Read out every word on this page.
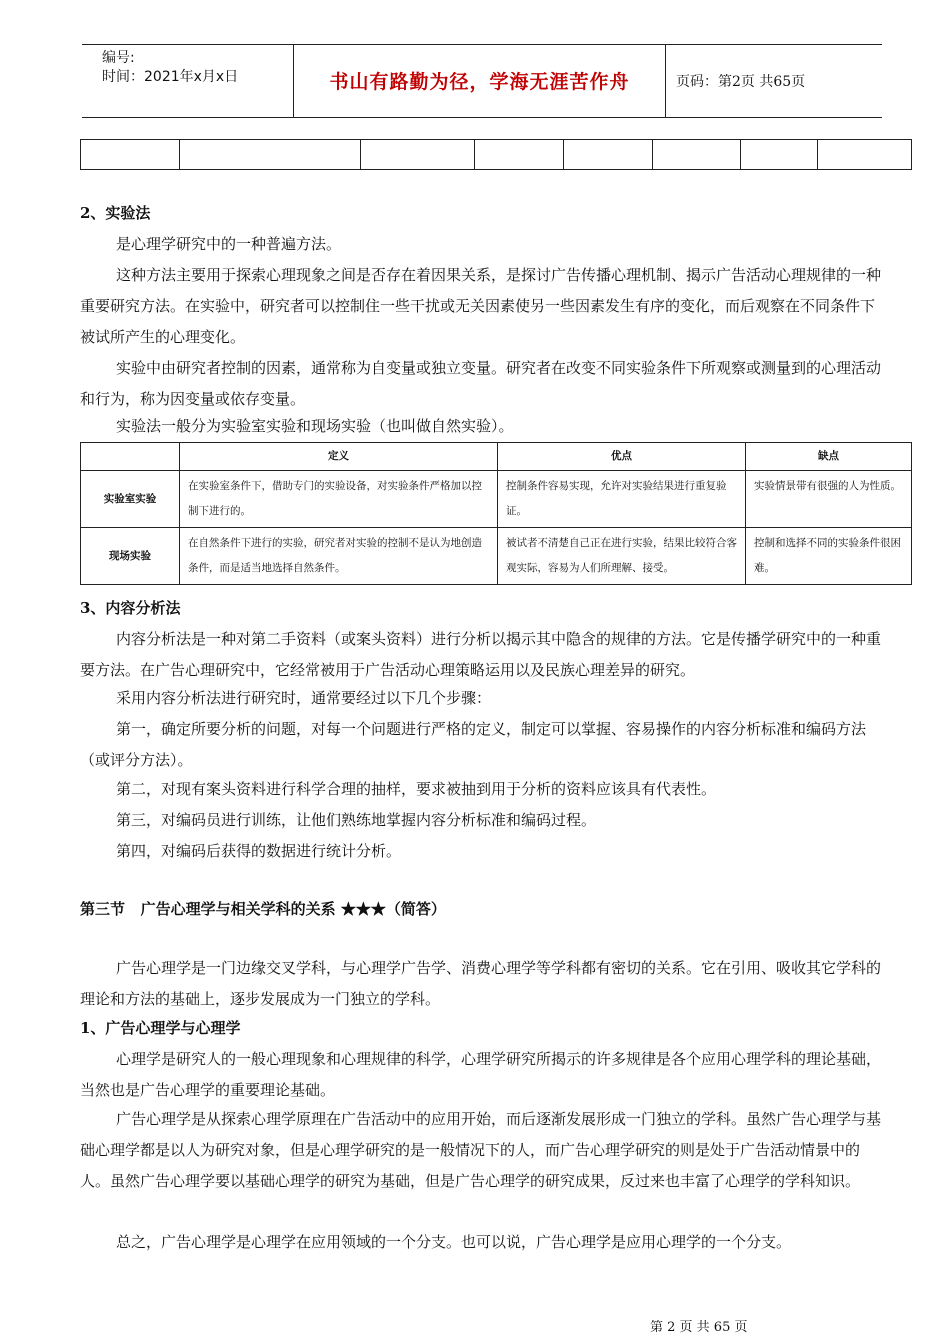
编号:
时间：2021年x月x日	书山有路勤为径，学海无涯苦作舟	页码：第2页 共65页

2、实验法

是心理学研究中的一种普遍方法。

这种方法主要用于探索心理现象之间是否存在着因果关系，是探讨广告传播心理机制、揭示广告活动心理规律的一种重要研究方法。在实验中，研究者可以控制住一些干扰或无关因素使另一些因素发生有序的变化，而后观察在不同条件下被试所产生的心理变化。

实验中由研究者控制的因素，通常称为自变量或独立变量。研究者在改变不同实验条件下所观察或测量到的心理活动和行为，称为因变量或依存变量。

实验法一般分为实验室实验和现场实验（也叫做自然实验）。

	定义	优点	缺点
实验室实验	在实验室条件下，借助专门的实验设备，对实验条件严格加以控制下进行的。	控制条件容易实现，允许对实验结果进行重复验证。	实验情景带有很强的人为性质。
现场实验	在自然条件下进行的实验，研究者对实验的控制不是认为地创造条件，而是适当地选择自然条件。	被试者不清楚自己正在进行实验，结果比较符合客观实际，容易为人们所理解、接受。	控制和选择不同的实验条件很困难。

3、内容分析法

内容分析法是一种对第二手资料（或案头资料）进行分析以揭示其中隐含的规律的方法。它是传播学研究中的一种重要方法。在广告心理研究中，它经常被用于广告活动心理策略运用以及民族心理差异的研究。

采用内容分析法进行研究时，通常要经过以下几个步骤：

第一，确定所要分析的问题，对每一个问题进行严格的定义，制定可以掌握、容易操作的内容分析标准和编码方法（或评分方法）。

第二，对现有案头资料进行科学合理的抽样，要求被抽到用于分析的资料应该具有代表性。

第三，对编码员进行训练，让他们熟练地掌握内容分析标准和编码过程。

第四，对编码后获得的数据进行统计分析。

第三节   广告心理学与相关学科的关系 ★★★（简答）

广告心理学是一门边缘交叉学科，与心理学广告学、消费心理学等学科都有密切的关系。它在引用、吸收其它学科的理论和方法的基础上，逐步发展成为一门独立的学科。

1、广告心理学与心理学

心理学是研究人的一般心理现象和心理规律的科学，心理学研究所揭示的许多规律是各个应用心理学科的理论基础，当然也是广告心理学的重要理论基础。

广告心理学是从探索心理学原理在广告活动中的应用开始，而后逐渐发展形成一门独立的学科。虽然广告心理学与基础心理学都是以人为研究对象，但是心理学研究的是一般情况下的人，而广告心理学研究的则是处于广告活动情景中的人。虽然广告心理学要以基础心理学的研究为基础，但是广告心理学的研究成果，反过来也丰富了心理学的学科知识。

总之，广告心理学是心理学在应用领域的一个分支。也可以说，广告心理学是应用心理学的一个分支。

第 2 页 共 65 页
